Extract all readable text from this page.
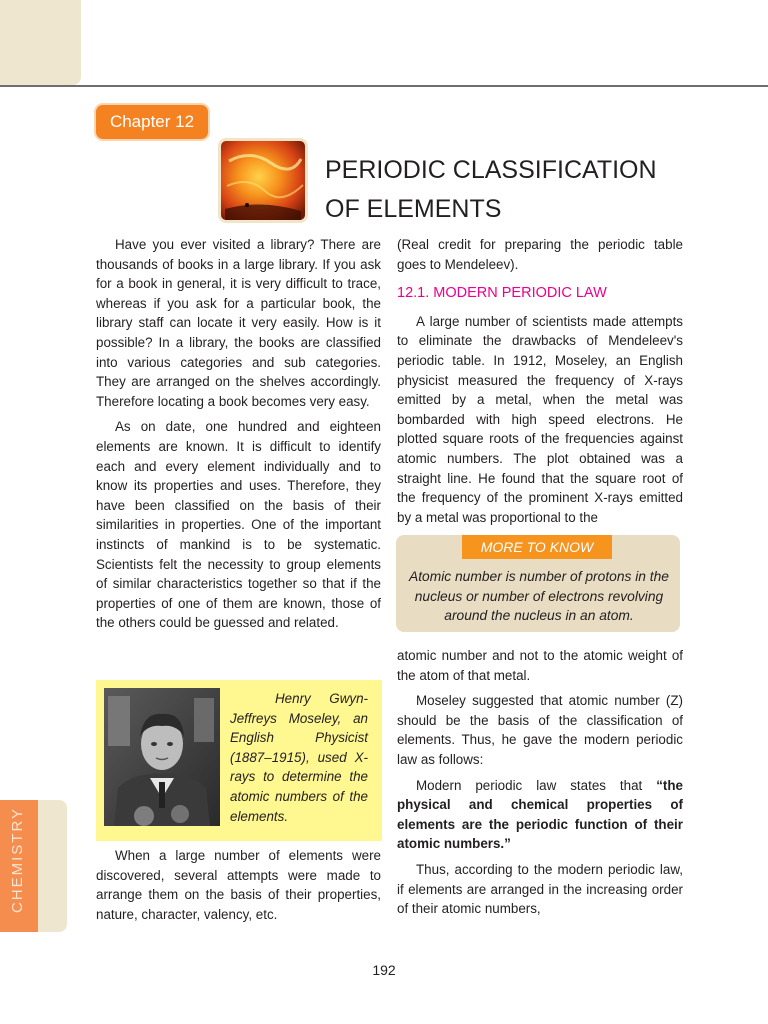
Chapter 12
PERIODIC CLASSIFICATION
OF ELEMENTS

Have you ever visited a library? There are thousands of books in a large library. If you ask for a book in general, it is very difficult to trace, whereas if you ask for a particular book, the library staff can locate it very easily. How is it possible? In a library, the books are classified into various categories and sub categories. They are arranged on the shelves accordingly. Therefore locating a book becomes very easy.

As on date, one hundred and eighteen elements are known. It is difficult to identify each and every element individually and to know its properties and uses. Therefore, they have been classified on the basis of their similarities in properties. One of the important instincts of mankind is to be systematic. Scientists felt the necessity to group elements of similar characteristics together so that if the properties of one of them are known, those of the others could be guessed and related.

Henry Gwyn-Jeffreys Moseley, an English Physicist (1887–1915), used X-rays to determine the atomic numbers of the elements.

When a large number of elements were discovered, several attempts were made to arrange them on the basis of their properties, nature, character, valency, etc.

(Real credit for preparing the periodic table goes to Mendeleev).

12.1. MODERN PERIODIC LAW

A large number of scientists made attempts to eliminate the drawbacks of Mendeleev's periodic table. In 1912, Moseley, an English physicist measured the frequency of X-rays emitted by a metal, when the metal was bombarded with high speed electrons. He plotted square roots of the frequencies against atomic numbers. The plot obtained was a straight line. He found that the square root of the frequency of the prominent X-rays emitted by a metal was proportional to the

MORE TO KNOW
Atomic number is number of protons in the nucleus or number of electrons revolving around the nucleus in an atom.

atomic number and not to the atomic weight of the atom of that metal.

Moseley suggested that atomic number (Z) should be the basis of the classification of elements. Thus, he gave the modern periodic law as follows:

Modern periodic law states that “the physical and chemical properties of elements are the periodic function of their atomic numbers.”

Thus, according to the modern periodic law, if elements are arranged in the increasing order of their atomic numbers,

CHEMISTRY
192
